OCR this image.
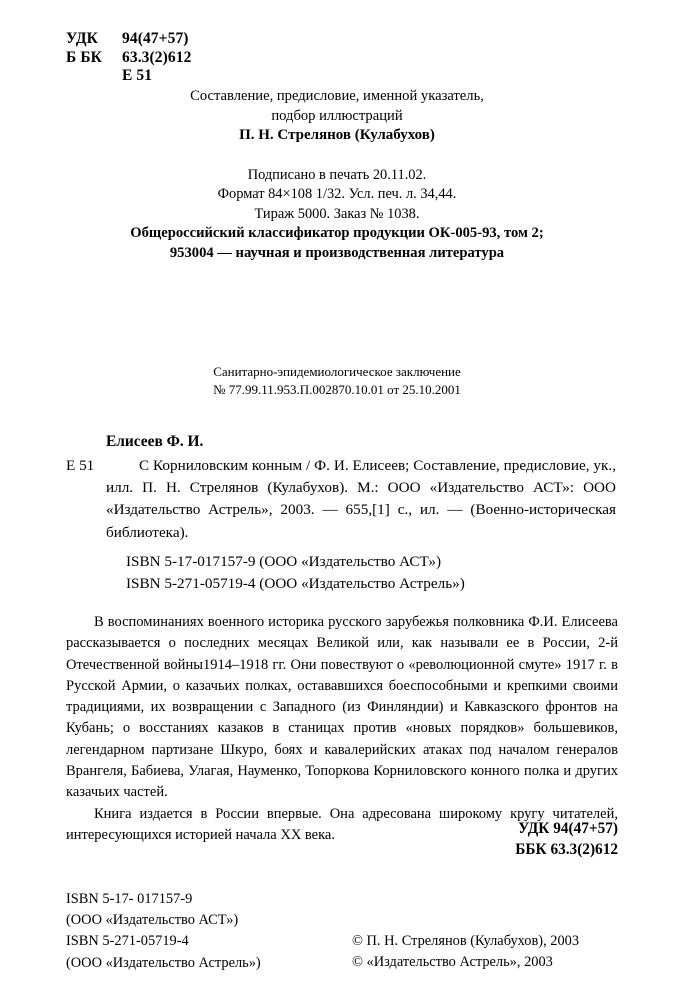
УДК	94(47+57)
Б БК	63.3(2)612
Е 51
Составление, предисловие, именной указатель,
подбор иллюстраций
П. Н. Стрелянов (Кулабухов)
Подписано в печать 20.11.02.
Формат 84×108 1/32. Усл. печ. л. 34,44.
Тираж 5000. Заказ № 1038.
Общероссийский классификатор продукции ОК-005-93, том 2;
953004 — научная и производственная литература
Санитарно-эпидемиологическое заключение
№ 77.99.11.953.П.002870.10.01 от 25.10.2001
Елисеев Ф. И.
Е 51	С Корниловским конным / Ф. И. Елисеев; Составление, предисловие, ук., илл. П. Н. Стрелянов (Кулабухов). М.: ООО «Издательство АСТ»: ООО «Издательство Астрель», 2003. — 655,[1] с., ил. — (Военно-историческая библиотека).

ISBN 5-17-017157-9 (ООО «Издательство АСТ»)
ISBN 5-271-05719-4 (ООО «Издательство Астрель»)

В воспоминаниях военного историка русского зарубежья полковника Ф.И. Елисеева рассказывается о последних месяцах Великой или, как называли ее в России, 2-й Отечественной войны1914–1918 гг. Они повествуют о «революционной смуте» 1917 г. в Русской Армии, о казачьих полках, остававшихся боеспособными и крепкими своими традициями, их возвращении с Западного (из Финляндии) и Кавказского фронтов на Кубань; о восстаниях казаков в станицах против «новых порядков» большевиков, легендарном партизане Шкуро, боях и кавалерийских атаках под началом генералов Врангеля, Бабиева, Улагая, Науменко, Топоркова Корниловского конного полка и других казачьих частей.

Книга издается в России впервые. Она адресована широкому кругу читателей, интересующихся историей начала XX века.	УДК 94(47+57)
ББК 63.3(2)612
ISBN 5-17- 017157-9
(ООО «Издательство АСТ»)
ISBN 5-271-05719-4
(ООО «Издательство Астрель»)
© П. Н. Стрелянов (Кулабухов), 2003
© «Издательство Астрель», 2003
